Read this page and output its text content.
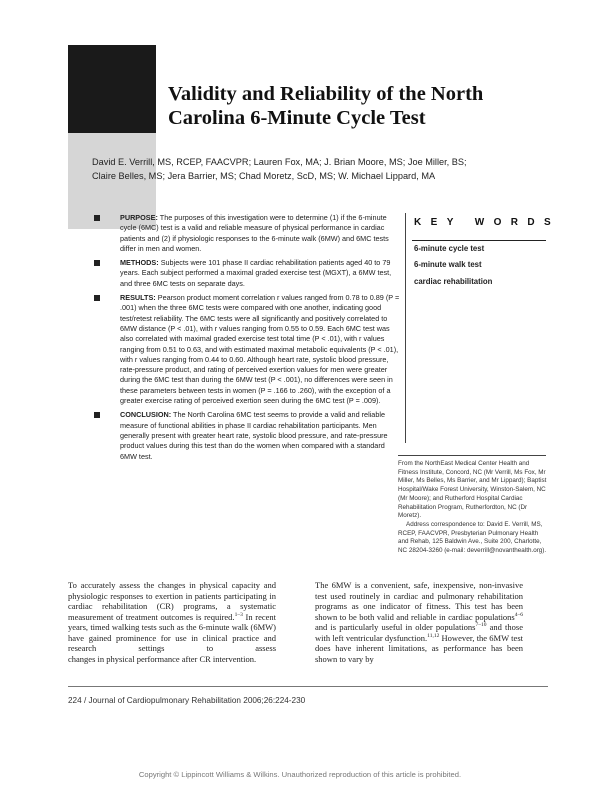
Validity and Reliability of the North
Carolina 6-Minute Cycle Test
David E. Verrill, MS, RCEP, FAACVPR; Lauren Fox, MA; J. Brian Moore, MS; Joe Miller, BS;
Claire Belles, MS; Jera Barrier, MS; Chad Moretz, ScD, MS; W. Michael Lippard, MA

PURPOSE: The purposes of this investigation were to determine (1) if the 6-minute cycle (6MC) test is a valid and reliable measure of physical performance in cardiac patients and (2) if physiologic responses to the 6-minute walk (6MW) and 6MC tests differ in men and women.

METHODS: Subjects were 101 phase II cardiac rehabilitation patients aged 40 to 79 years. Each subject performed a maximal graded exercise test (MGXT), a 6MW test, and three 6MC tests on separate days.

RESULTS: Pearson product moment correlation r values ranged from 0.78 to 0.89 (P = .001) when the three 6MC tests were compared with one another, indicating good test/retest reliability. The 6MC tests were all significantly and positively correlated to 6MW distance (P < .01), with r values ranging from 0.55 to 0.59. Each 6MC test was also correlated with maximal graded exercise test total time (P < .01), with r values ranging from 0.51 to 0.63, and with estimated maximal metabolic equivalents (P < .01), with r values ranging from 0.44 to 0.60. Although heart rate, systolic blood pressure, rate-pressure product, and rating of perceived exertion values for men were greater during the 6MC test than during the 6MW test (P < .001), no differences were seen in these parameters between tests in women (P = .166 to .260), with the exception of a greater exercise rating of perceived exertion seen during the 6MC test (P = .009).

CONCLUSION: The North Carolina 6MC test seems to provide a valid and reliable measure of functional abilities in phase II cardiac rehabilitation participants. Men generally present with greater heart rate, systolic blood pressure, and rate-pressure product values during this test than do the women when compared with a standard 6MW test.

KEY WORDS
6-minute cycle test
6-minute walk test
cardiac rehabilitation

From the NorthEast Medical Center Health and Fitness Institute, Concord, NC (Mr Verrill, Ms Fox, Mr Miller, Ms Belles, Ms Barrier, and Mr Lippard); Baptist Hospital/Wake Forest University, Winston-Salem, NC (Mr Moore); and Rutherford Hospital Cardiac Rehabilitation Program, Rutherfordton, NC (Dr Moretz).

Address correspondence to: David E. Verrill, MS, RCEP, FAACVPR, Presbyterian Pulmonary Health and Rehab, 125 Baldwin Ave., Suite 200, Charlotte, NC 28204-3260 (e-mail: deverrill@novanthealth.org).

To accurately assess the changes in physical capacity and physiologic responses to exertion in patients participating in cardiac rehabilitation (CR) programs, a systematic measurement of treatment outcomes is required.$^{1-3}$ In recent years, timed walking tests such as the 6-minute walk (6MW) have gained prominence for use in clinical practice and research settings to assess
changes in physical performance after CR intervention.
The 6MW is a convenient, safe, inexpensive, non-invasive test used routinely in cardiac and pulmonary rehabilitation programs as one indicator of fitness. This test has been shown to be both valid and reliable in cardiac populations$^{4-6}$ and is particularly useful in older populations$^{7-10}$ and those with left ventricular dysfunction.$^{11,12}$ However, the 6MW test does have inherent limitations, as performance has been shown to vary by
224 / Journal of Cardiopulmonary Rehabilitation 2006;26:224-230
Copyright © Lippincott Williams & Wilkins. Unauthorized reproduction of this article is prohibited.
